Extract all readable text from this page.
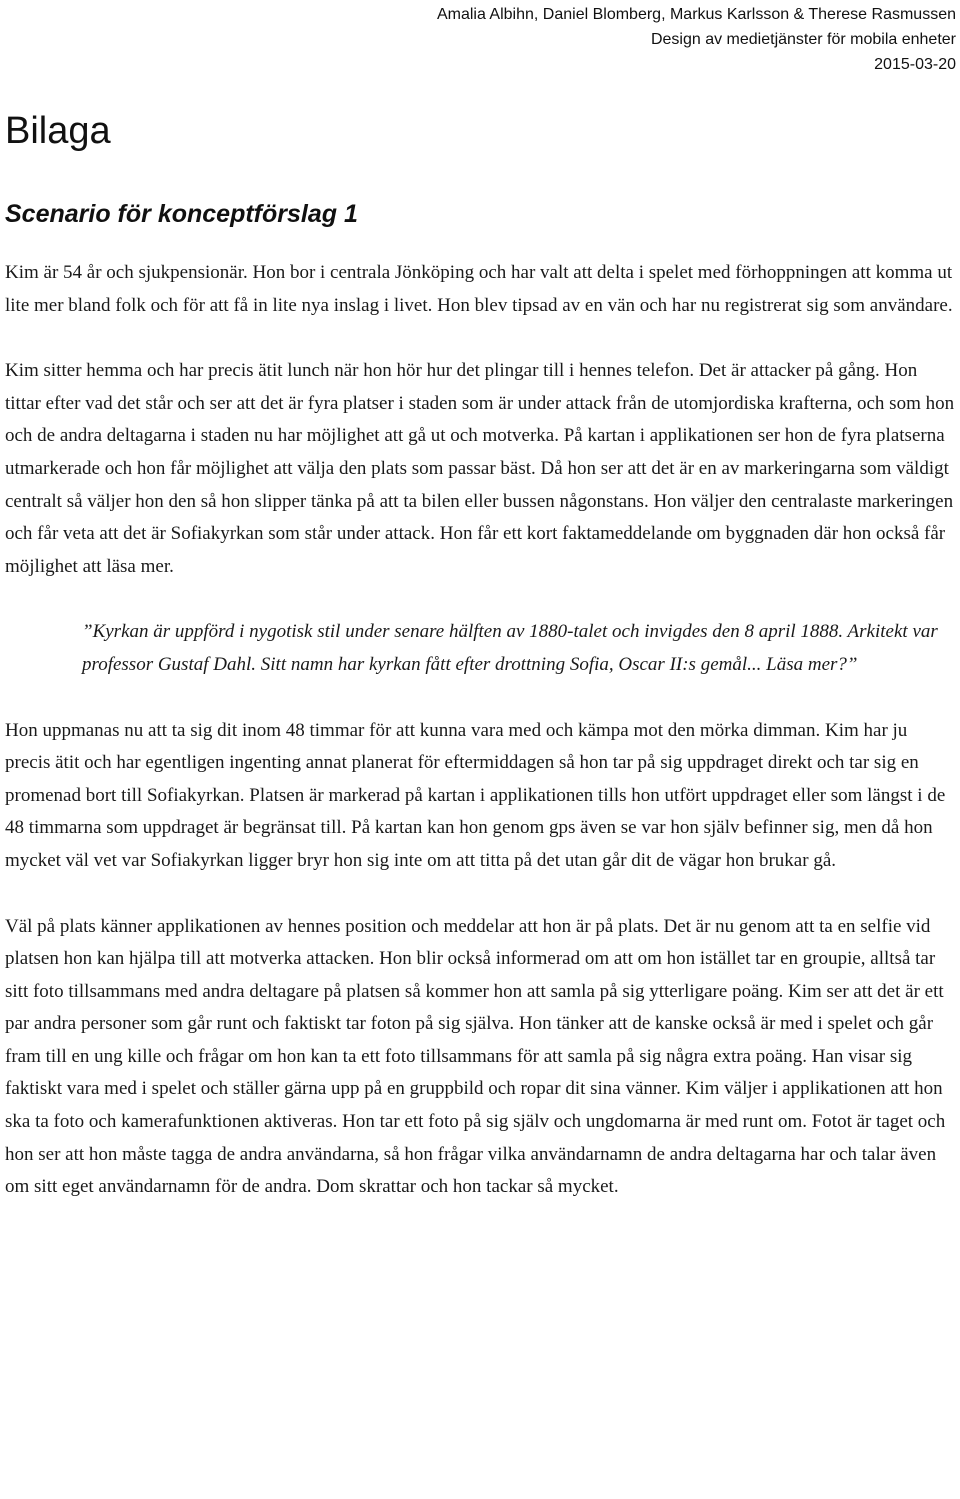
Amalia Albihn, Daniel Blomberg, Markus Karlsson & Therese Rasmussen
Design av medietjänster för mobila enheter
2015-03-20
Bilaga
Scenario för konceptförslag 1

Kim är 54 år och sjukpensionär. Hon bor i centrala Jönköping och har valt att delta i spelet med förhoppningen att komma ut lite mer bland folk och för att få in lite nya inslag i livet. Hon blev tipsad av en vän och har nu registrerat sig som användare.

Kim sitter hemma och har precis ätit lunch när hon hör hur det plingar till i hennes telefon. Det är attacker på gång. Hon tittar efter vad det står och ser att det är fyra platser i staden som är under attack från de utomjordiska krafterna, och som hon och de andra deltagarna i staden nu har möjlighet att gå ut och motverka. På kartan i applikationen ser hon de fyra platserna utmarkerade och hon får möjlighet att välja den plats som passar bäst. Då hon ser att det är en av markeringarna som väldigt centralt så väljer hon den så hon slipper tänka på att ta bilen eller bussen någonstans. Hon väljer den centralaste markeringen och får veta att det är Sofiakyrkan som står under attack. Hon får ett kort faktameddelande om byggnaden där hon också får möjlighet att läsa mer.

”Kyrkan är uppförd i nygotisk stil under senare hälften av 1880-talet och invigdes den 8 april 1888. Arkitekt var professor Gustaf Dahl. Sitt namn har kyrkan fått efter drottning Sofia, Oscar II:s gemål... Läsa mer?”

Hon uppmanas nu att ta sig dit inom 48 timmar för att kunna vara med och kämpa mot den mörka dimman. Kim har ju precis ätit och har egentligen ingenting annat planerat för eftermiddagen så hon tar på sig uppdraget direkt och tar sig en promenad bort till Sofiakyrkan. Platsen är markerad på kartan i applikationen tills hon utfört uppdraget eller som längst i de 48 timmarna som uppdraget är begränsat till. På kartan kan hon genom gps även se var hon själv befinner sig, men då hon mycket väl vet var Sofiakyrkan ligger bryr hon sig inte om att titta på det utan går dit de vägar hon brukar gå.

Väl på plats känner applikationen av hennes position och meddelar att hon är på plats. Det är nu genom att ta en selfie vid platsen hon kan hjälpa till att motverka attacken. Hon blir också informerad om att om hon istället tar en groupie, alltså tar sitt foto tillsammans med andra deltagare på platsen så kommer hon att samla på sig ytterligare poäng. Kim ser att det är ett par andra personer som går runt och faktiskt tar foton på sig själva. Hon tänker att de kanske också är med i spelet och går fram till en ung kille och frågar om hon kan ta ett foto tillsammans för att samla på sig några extra poäng. Han visar sig faktiskt vara med i spelet och ställer gärna upp på en gruppbild och ropar dit sina vänner. Kim väljer i applikationen att hon ska ta foto och kamerafunktionen aktiveras. Hon tar ett foto på sig själv och ungdomarna är med runt om. Fotot är taget och hon ser att hon måste tagga de andra användarna, så hon frågar vilka användarnamn de andra deltagarna har och talar även om sitt eget användarnamn för de andra. Dom skrattar och hon tackar så mycket.
